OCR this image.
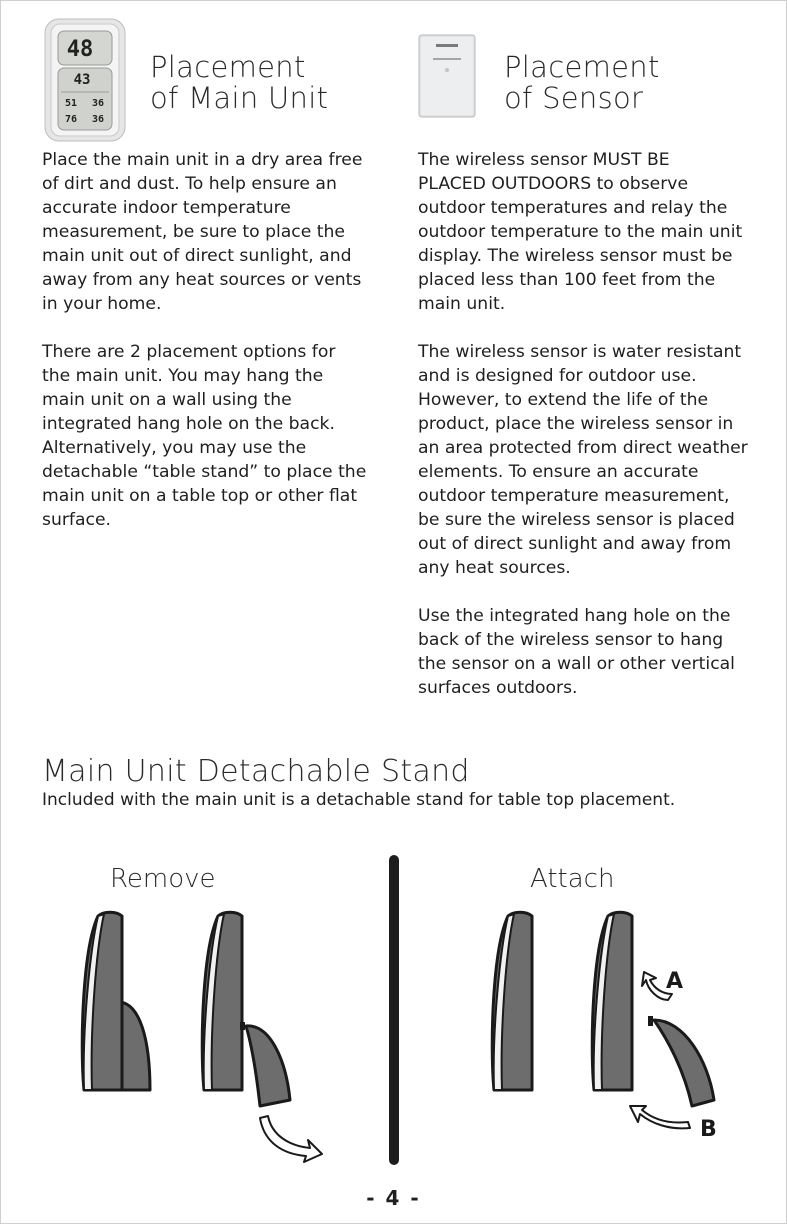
48
43
51 36
76 36
Placement
of Main Unit
Placement
of Sensor
Place the main unit in a dry area free
of dirt and dust. To help ensure an
accurate indoor temperature
measurement, be sure to place the
main unit out of direct sunlight, and
away from any heat sources or vents
in your home.
There are 2 placement options for
the main unit. You may hang the
main unit on a wall using the
integrated hang hole on the back.
Alternatively, you may use the
detachable “table stand” to place the
main unit on a table top or other flat
surface.
The wireless sensor MUST BE
PLACED OUTDOORS to observe
outdoor temperatures and relay the
outdoor temperature to the main unit
display. The wireless sensor must be
placed less than 100 feet from the
main unit.
The wireless sensor is water resistant
and is designed for outdoor use.
However, to extend the life of the
product, place the wireless sensor in
an area protected from direct weather
elements. To ensure an accurate
outdoor temperature measurement,
be sure the wireless sensor is placed
out of direct sunlight and away from
any heat sources.
Use the integrated hang hole on the
back of the wireless sensor to hang
the sensor on a wall or other vertical
surfaces outdoors.
Main Unit Detachable Stand
Included with the main unit is a detachable stand for table top placement.
Remove	Attach
A
B
- 4 -
